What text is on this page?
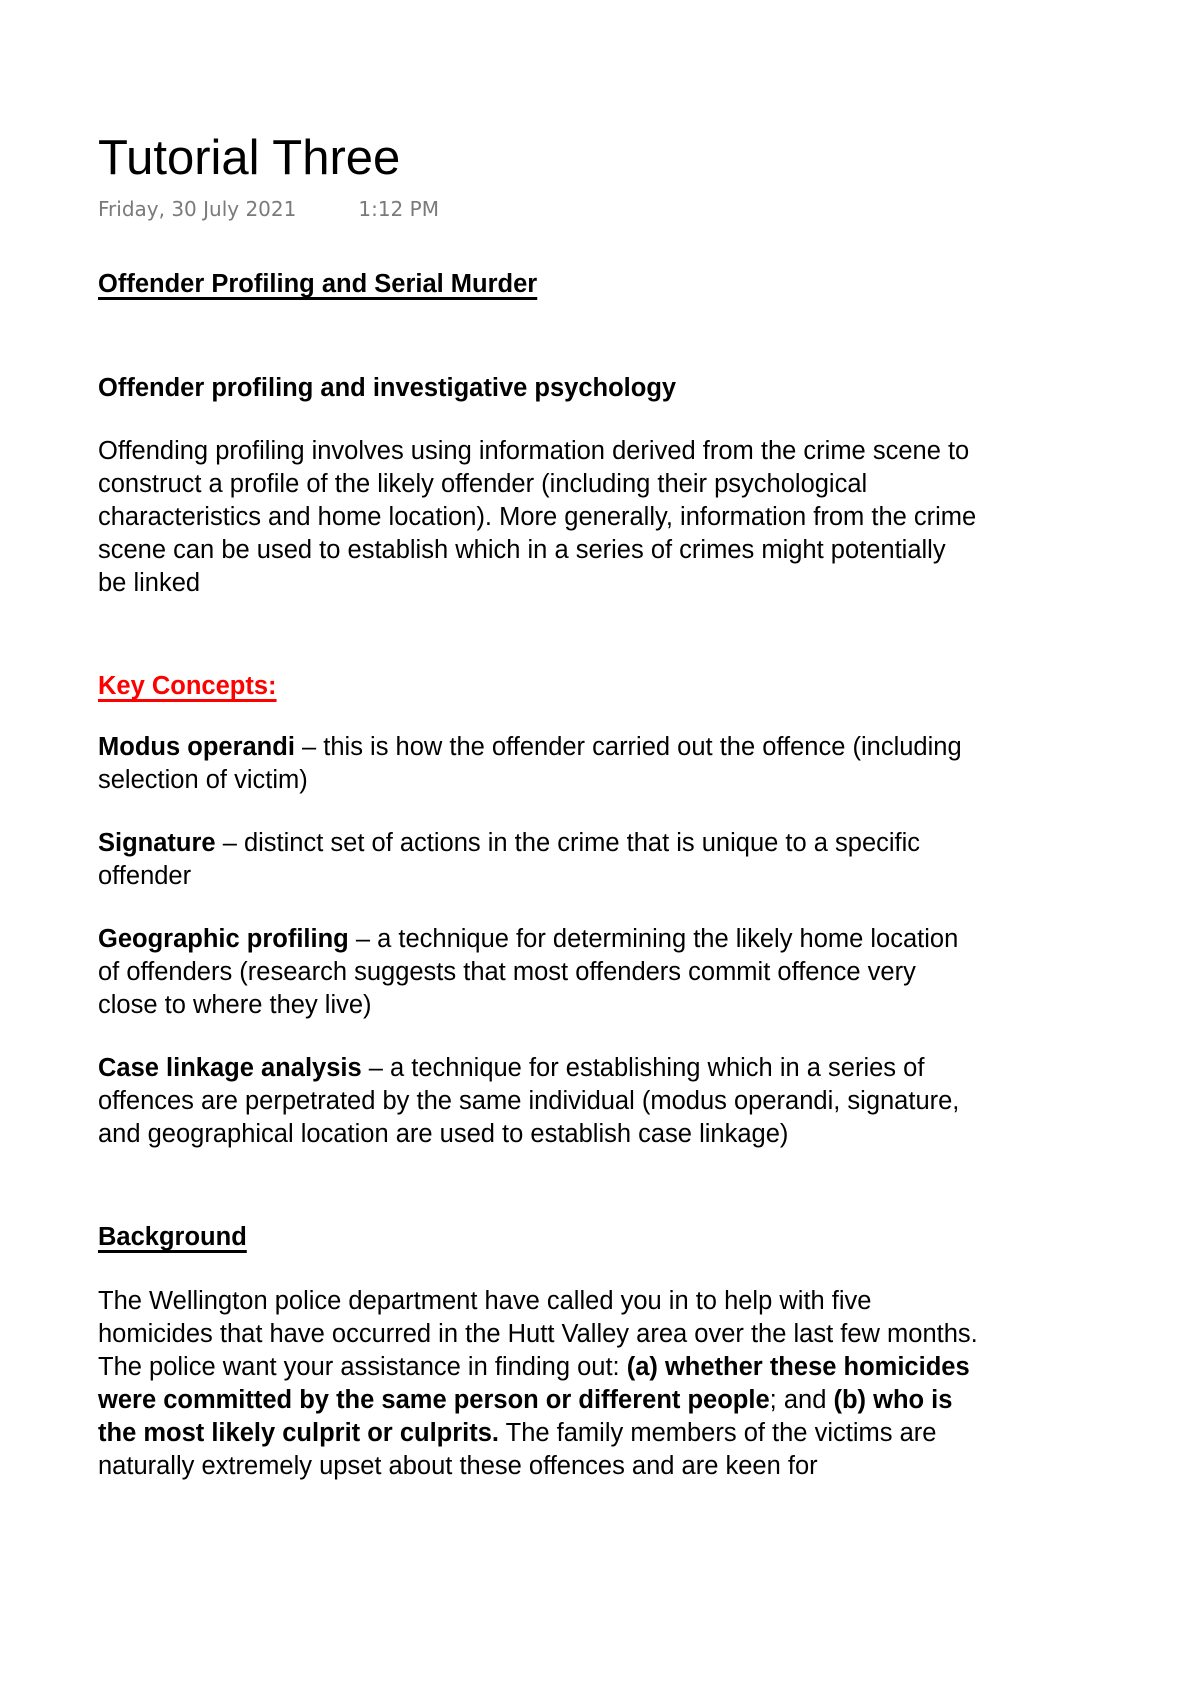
Tutorial Three
Friday, 30 July 2021	1:12 PM

Offender Profiling and Serial Murder

Offender profiling and investigative psychology

Offending profiling involves using information derived from the crime scene to construct a profile of the likely offender (including their psychological characteristics and home location). More generally, information from the crime scene can be used to establish which in a series of crimes might potentially be linked

Key Concepts:

Modus operandi – this is how the offender carried out the offence (including selection of victim)

Signature – distinct set of actions in the crime that is unique to a specific offender

Geographic profiling – a technique for determining the likely home location of offenders (research suggests that most offenders commit offence very close to where they live)

Case linkage analysis – a technique for establishing which in a series of offences are perpetrated by the same individual (modus operandi, signature, and geographical location are used to establish case linkage)

Background

The Wellington police department have called you in to help with five homicides that have occurred in the Hutt Valley area over the last few months. The police want your assistance in finding out: (a) whether these homicides were committed by the same person or different people; and (b) who is the most likely culprit or culprits. The family members of the victims are naturally extremely upset about these offences and are keen for
